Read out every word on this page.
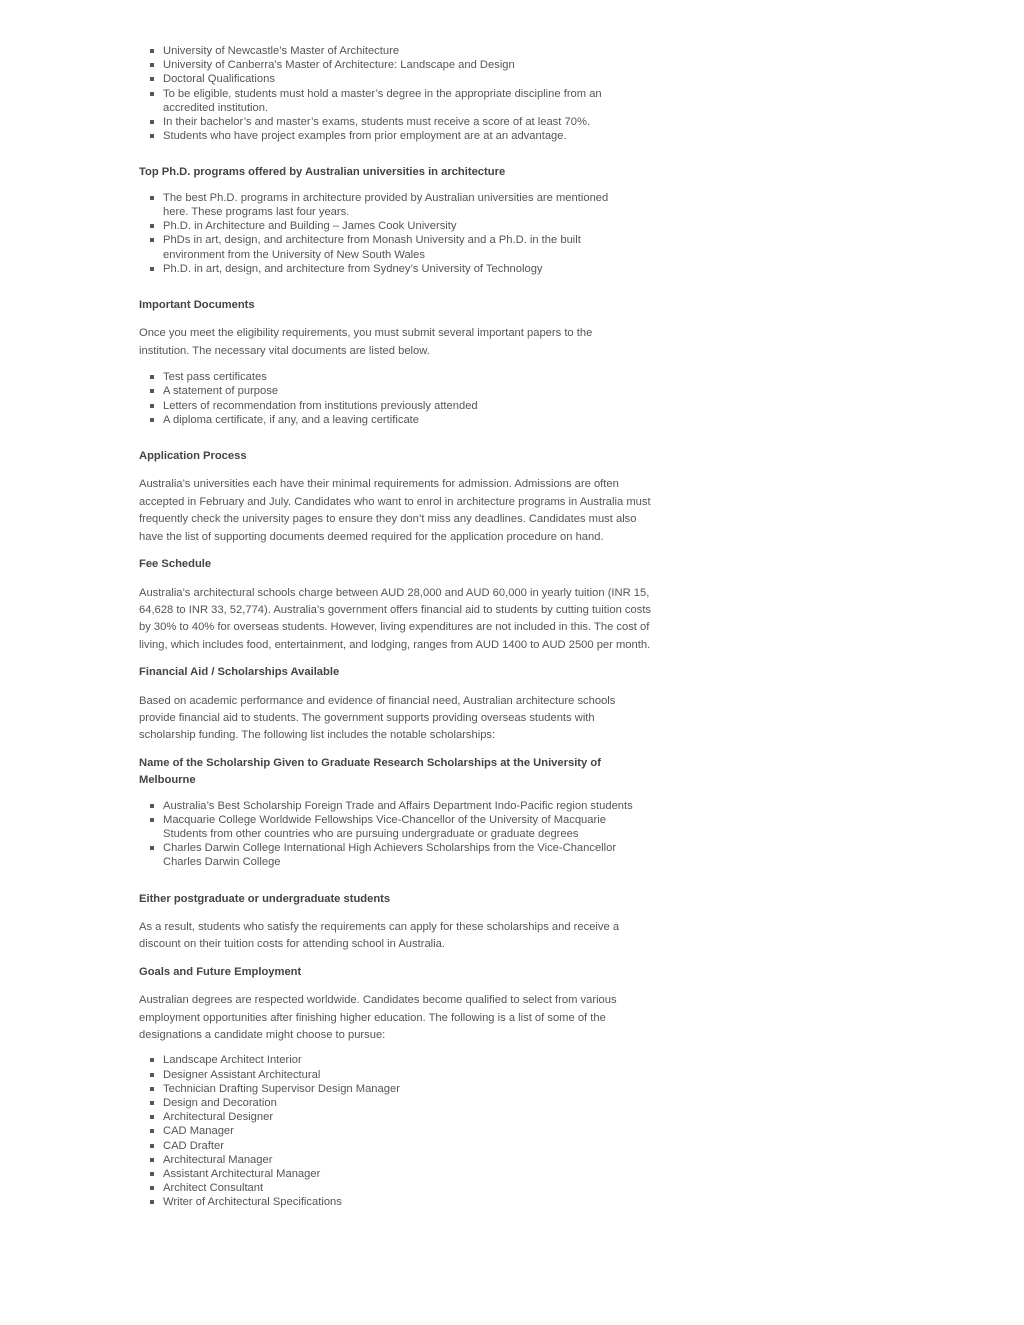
University of Newcastle’s Master of Architecture
University of Canberra’s Master of Architecture: Landscape and Design
Doctoral Qualifications
To be eligible, students must hold a master’s degree in the appropriate discipline from an accredited institution.
In their bachelor’s and master’s exams, students must receive a score of at least 70%.
Students who have project examples from prior employment are at an advantage.
Top Ph.D. programs offered by Australian universities in architecture
The best Ph.D. programs in architecture provided by Australian universities are mentioned here. These programs last four years.
Ph.D. in Architecture and Building – James Cook University
PhDs in art, design, and architecture from Monash University and a Ph.D. in the built environment from the University of New South Wales
Ph.D. in art, design, and architecture from Sydney’s University of Technology
Important Documents

Once you meet the eligibility requirements, you must submit several important papers to the institution. The necessary vital documents are listed below.

Test pass certificates
A statement of purpose
Letters of recommendation from institutions previously attended
A diploma certificate, if any, and a leaving certificate
Application Process

Australia’s universities each have their minimal requirements for admission. Admissions are often accepted in February and July. Candidates who want to enrol in architecture programs in Australia must frequently check the university pages to ensure they don’t miss any deadlines. Candidates must also have the list of supporting documents deemed required for the application procedure on hand.

Fee Schedule

Australia’s architectural schools charge between AUD 28,000 and AUD 60,000 in yearly tuition (INR 15, 64,628 to INR 33, 52,774). Australia’s government offers financial aid to students by cutting tuition costs by 30% to 40% for overseas students. However, living expenditures are not included in this. The cost of living, which includes food, entertainment, and lodging, ranges from AUD 1400 to AUD 2500 per month.

Financial Aid / Scholarships Available

Based on academic performance and evidence of financial need, Australian architecture schools provide financial aid to students. The government supports providing overseas students with scholarship funding. The following list includes the notable scholarships:

Name of the Scholarship Given to Graduate Research Scholarships at the University of Melbourne
Australia’s Best Scholarship Foreign Trade and Affairs Department Indo-Pacific region students
Macquarie College Worldwide Fellowships Vice-Chancellor of the University of Macquarie Students from other countries who are pursuing undergraduate or graduate degrees
Charles Darwin College International High Achievers Scholarships from the Vice-Chancellor Charles Darwin College
Either postgraduate or undergraduate students

As a result, students who satisfy the requirements can apply for these scholarships and receive a discount on their tuition costs for attending school in Australia.

Goals and Future Employment

Australian degrees are respected worldwide. Candidates become qualified to select from various employment opportunities after finishing higher education. The following is a list of some of the designations a candidate might choose to pursue:

Landscape Architect Interior
Designer Assistant Architectural
Technician Drafting Supervisor Design Manager
Design and Decoration
Architectural Designer
CAD Manager
CAD Drafter
Architectural Manager
Assistant Architectural Manager
Architect Consultant
Writer of Architectural Specifications
